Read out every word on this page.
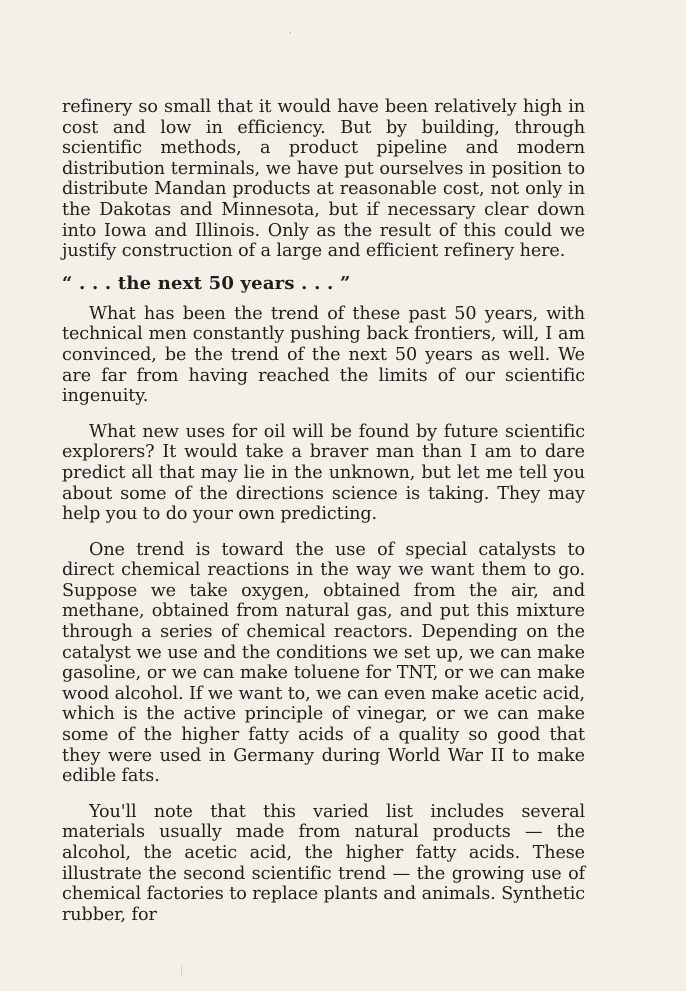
refinery so small that it would have been relatively high in cost and low in efficiency. But by building, through scientific methods, a product pipeline and modern distribution terminals, we have put ourselves in position to distribute Mandan products at reasonable cost, not only in the Dakotas and Minnesota, but if necessary clear down into Iowa and Illinois. Only as the result of this could we justify construction of a large and efficient refinery here.

“ . . . the next 50 years . . . ”

What has been the trend of these past 50 years, with technical men constantly pushing back frontiers, will, I am convinced, be the trend of the next 50 years as well. We are far from having reached the limits of our scientific ingenuity.

What new uses for oil will be found by future scientific explorers? It would take a braver man than I am to dare predict all that may lie in the unknown, but let me tell you about some of the directions science is taking. They may help you to do your own predicting.

One trend is toward the use of special catalysts to direct chemical reactions in the way we want them to go. Suppose we take oxygen, obtained from the air, and methane, obtained from natural gas, and put this mixture through a series of chemical reactors. Depending on the catalyst we use and the conditions we set up, we can make gasoline, or we can make toluene for TNT, or we can make wood alcohol. If we want to, we can even make acetic acid, which is the active principle of vinegar, or we can make some of the higher fatty acids of a quality so good that they were used in Germany during World War II to make edible fats.

You'll note that this varied list includes several materials usually made from natural products — the alcohol, the acetic acid, the higher fatty acids. These illustrate the second scientific trend — the growing use of chemical factories to replace plants and animals. Synthetic rubber, for
